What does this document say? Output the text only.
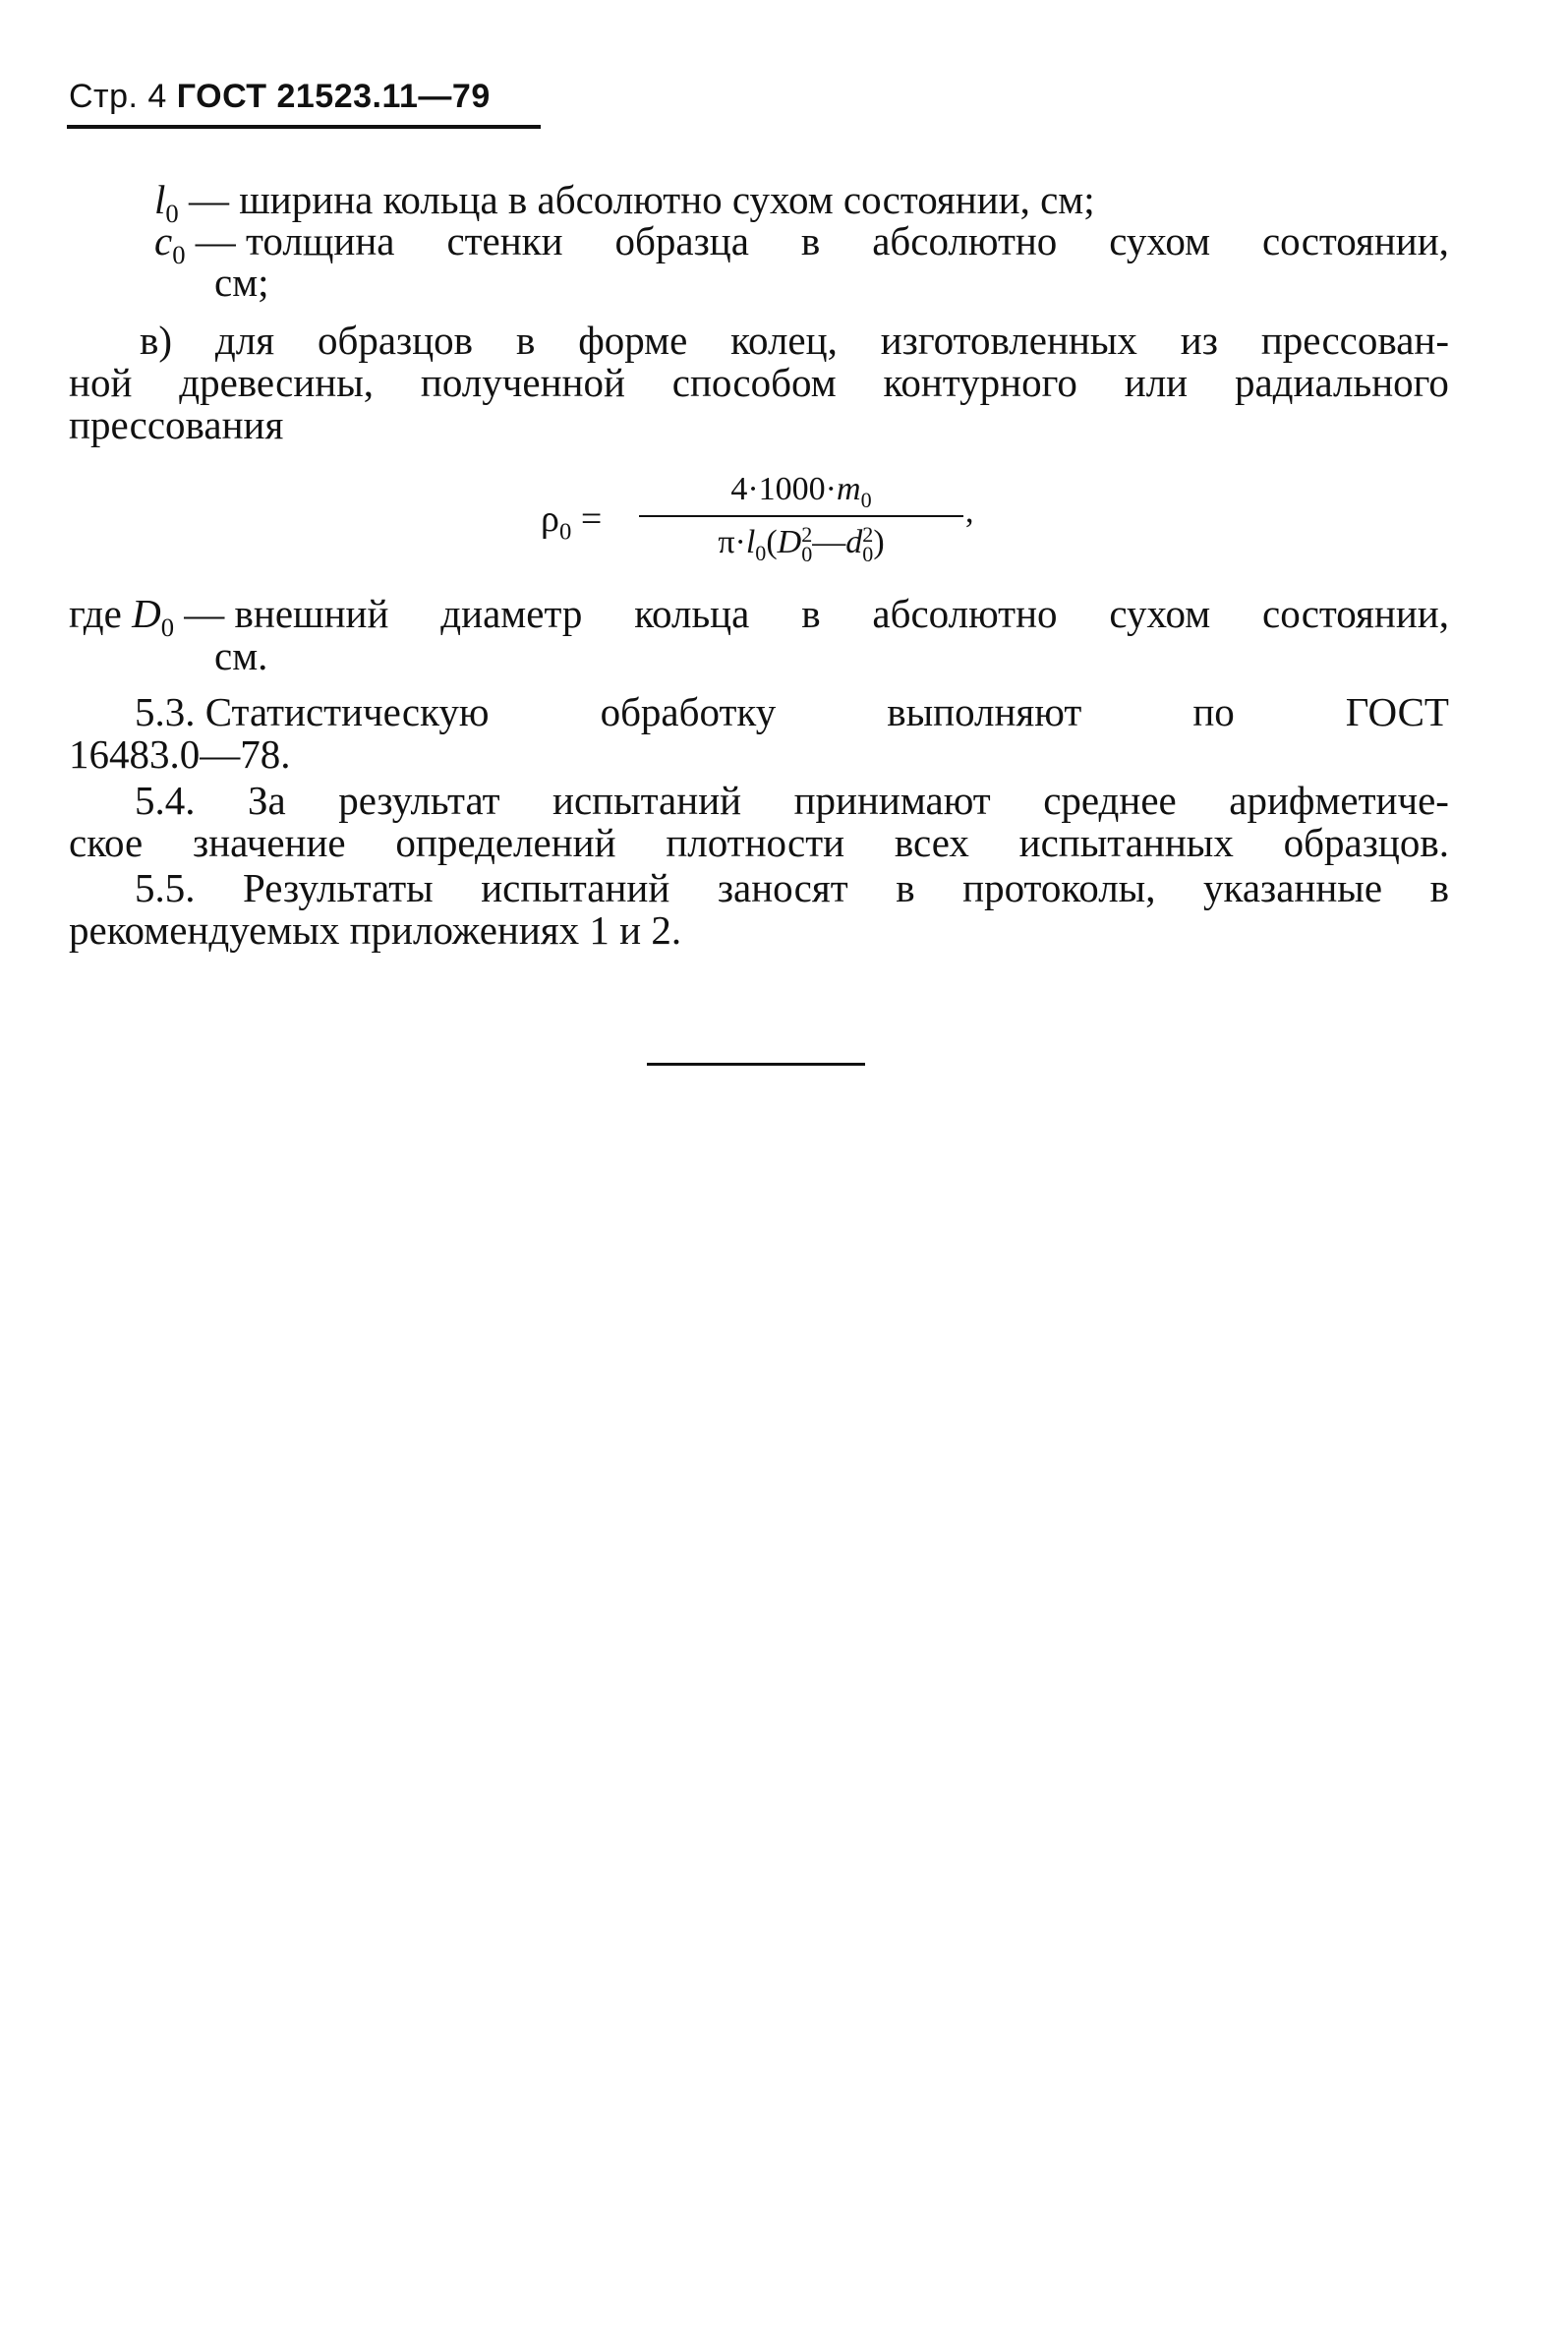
Стр. 4 ГОСТ 21523.11—79
$l_0$ — ширина кольца в абсолютно сухом состоянии, см;
$c_0$ — толщина стенки образца в абсолютно сухом состоянии,
см;
в) для образцов в форме колец, изготовленных из прессован-
ной древесины, полученной способом контурного или радиального
прессования
$\rho_0$ =
$4\cdot 1000\cdot m_0$
$\pi\cdot l_0(D$ 2
0 —d 2
0 )
,
где $D_0$ — внешний диаметр кольца в абсолютно сухом состоянии,
см.
5.3. Статистическую	обработку	выполняют	по	ГОСТ
16483.0—78.
5.4. За результат испытаний принимают среднее арифметиче-
ское значение определений плотности всех испытанных образцов.
5.5. Результаты испытаний заносят в протоколы, указанные в
рекомендуемых приложениях 1 и 2.
